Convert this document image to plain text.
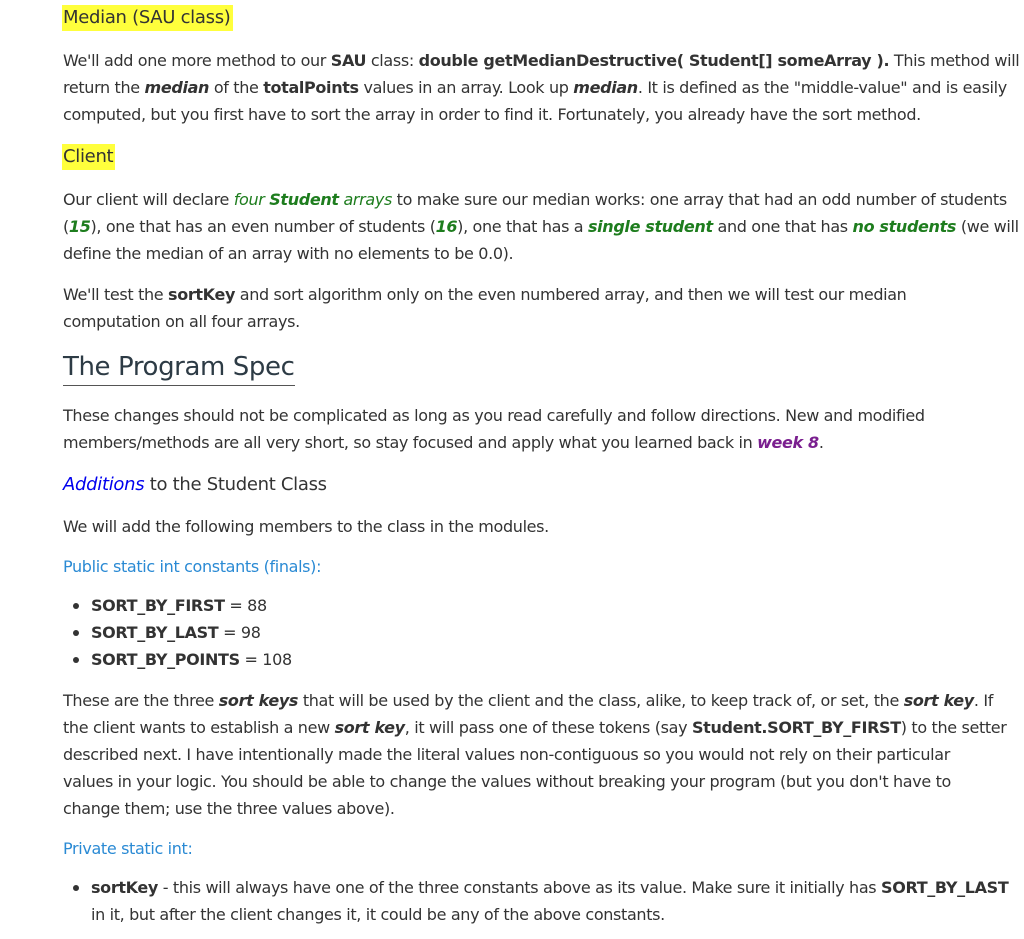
Median (SAU class)
We'll add one more method to our SAU class: double getMedianDestructive( Student[] someArray ). This method will
return the median of the totalPoints values in an array. Look up median. It is defined as the "middle-value" and is easily
computed, but you first have to sort the array in order to find it. Fortunately, you already have the sort method.
Client
Our client will declare four Student arrays to make sure our median works: one array that had an odd number of students
(15), one that has an even number of students (16), one that has a single student and one that has no students (we will
define the median of an array with no elements to be 0.0).
We'll test the sortKey and sort algorithm only on the even numbered array, and then we will test our median
computation on all four arrays.
The Program Spec
These changes should not be complicated as long as you read carefully and follow directions. New and modified
members/methods are all very short, so stay focused and apply what you learned back in week 8.
Additions to the Student Class
We will add the following members to the class in the modules.
Public static int constants (finals):
SORT_BY_FIRST = 88
SORT_BY_LAST = 98
SORT_BY_POINTS = 108
These are the three sort keys that will be used by the client and the class, alike, to keep track of, or set, the sort key. If
the client wants to establish a new sort key, it will pass one of these tokens (say Student.SORT_BY_FIRST) to the setter
described next. I have intentionally made the literal values non-contiguous so you would not rely on their particular
values in your logic. You should be able to change the values without breaking your program (but you don't have to
change them; use the three values above).
Private static int:
sortKey - this will always have one of the three constants above as its value. Make sure it initially has SORT_BY_LAST
in it, but after the client changes it, it could be any of the above constants.
